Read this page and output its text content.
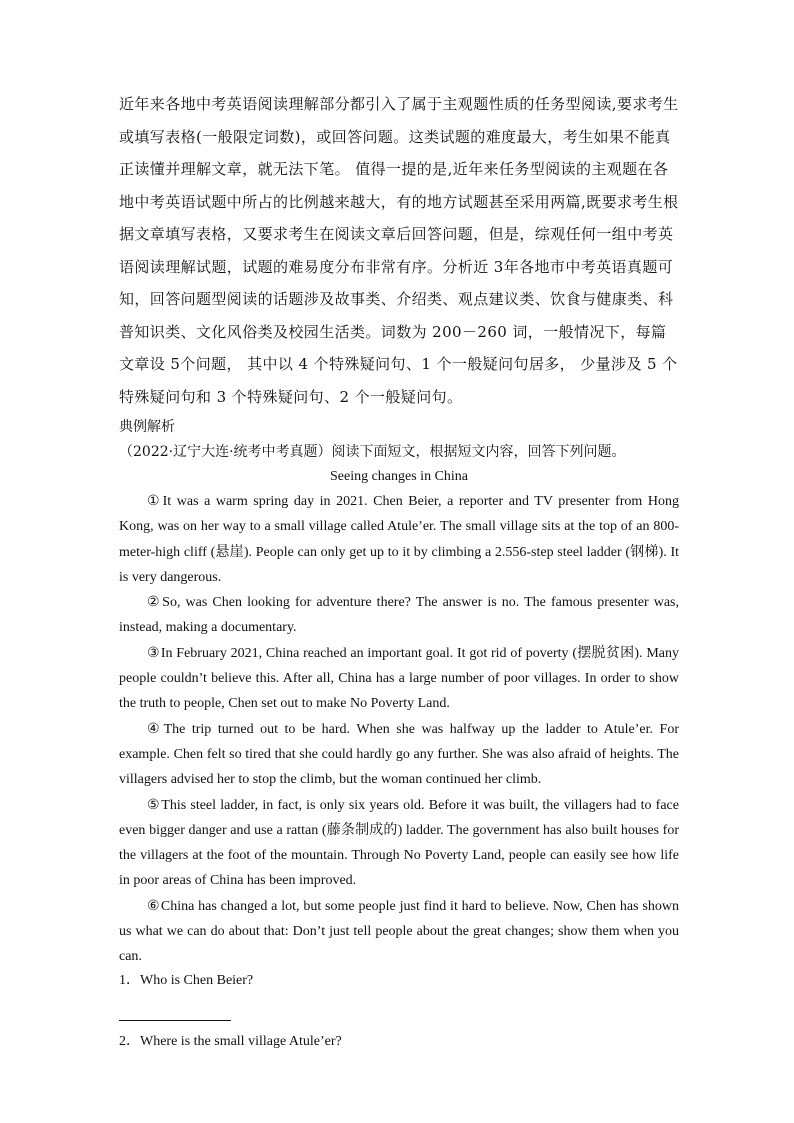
近年来各地中考英语阅读理解部分都引入了属于主观题性质的任务型阅读,要求考生或填写表格(一般限定词数)，或回答问题。这类试题的难度最大，考生如果不能真正读懂并理解文章，就无法下笔。 值得一提的是,近年来任务型阅读的主观题在各地中考英语试题中所占的比例越来越大，有的地方试题甚至采用两篇,既要求考生根据文章填写表格，又要求考生在阅读文章后回答问题，但是，综观任何一组中考英语阅读理解试题，试题的难易度分布非常有序。分析近 3年各地市中考英语真题可知，回答问题型阅读的话题涉及故事类、介绍类、观点建议类、饮食与健康类、科普知识类、文化风俗类及校园生活类。词数为 200－260 词，一般情况下，每篇文章设 5个问题， 其中以 4 个特殊疑问句、1 个一般疑问句居多， 少量涉及 5 个特殊疑问句和 3 个特殊疑问句、2 个一般疑问句。

典例解析

（2022·辽宁大连·统考中考真题）阅读下面短文，根据短文内容，回答下列问题。

Seeing changes in China

①It was a warm spring day in 2021. Chen Beier, a reporter and TV presenter from Hong Kong, was on her way to a small village called Atule’er. The small village sits at the top of an 800-meter-high cliff (悬崖). People can only get up to it by climbing a 2.556-step steel ladder (钢梯). It is very dangerous.

②So, was Chen looking for adventure there? The answer is no. The famous presenter was, instead, making a documentary.

③In February 2021, China reached an important goal. It got rid of poverty (摆脱贫困). Many people couldn’t believe this. After all, China has a large number of poor villages. In order to show the truth to people, Chen set out to make No Poverty Land.

④The trip turned out to be hard. When she was halfway up the ladder to Atule’er. For example. Chen felt so tired that she could hardly go any further. She was also afraid of heights. The villagers advised her to stop the climb, but the woman continued her climb.

⑤This steel ladder, in fact, is only six years old. Before it was built, the villagers had to face even bigger danger and use a rattan (藤条制成的) ladder. The government has also built houses for the villagers at the foot of the mountain. Through No Poverty Land, people can easily see how life in poor areas of China has been improved.

⑥China has changed a lot, but some people just find it hard to believe. Now, Chen has shown us what we can do about that: Don’t just tell people about the great changes; show them when you can.

1．Who is Chen Beier?

2．Where is the small village Atule’er?
